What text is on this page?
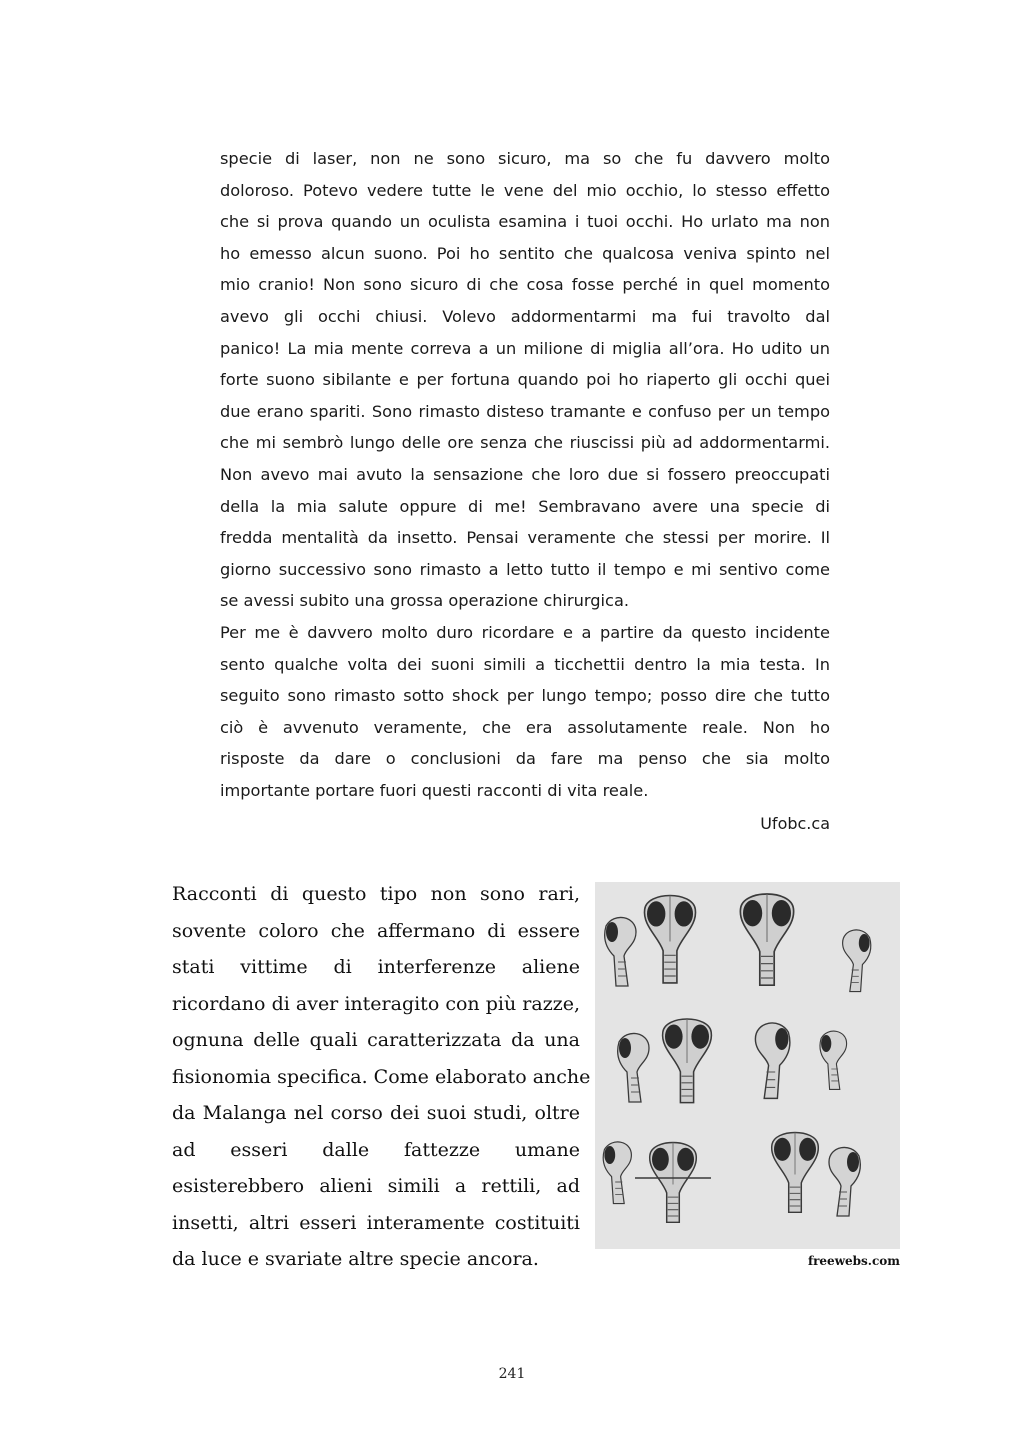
specie di laser, non ne sono sicuro, ma so che fu davvero molto
doloroso. Potevo vedere tutte le vene del mio occhio, lo stesso effetto
che si prova quando un oculista esamina i tuoi occhi. Ho urlato ma non
ho emesso alcun suono. Poi ho sentito che qualcosa veniva spinto nel
mio cranio! Non sono sicuro di che cosa fosse perché in quel momento
avevo gli occhi chiusi. Volevo addormentarmi ma fui travolto dal
panico! La mia mente correva a un milione di miglia all’ora. Ho udito un
forte suono sibilante e per fortuna quando poi ho riaperto gli occhi quei
due erano spariti. Sono rimasto disteso tramante e confuso per un tempo
che mi sembrò lungo delle ore senza che riuscissi più ad addormentarmi.
Non avevo mai avuto la sensazione che loro due si fossero preoccupati
della la mia salute oppure di me! Sembravano avere una specie di
fredda mentalità da insetto. Pensai veramente che stessi per morire. Il
giorno successivo sono rimasto a letto tutto il tempo e mi sentivo come
se avessi subito una grossa operazione chirurgica.
Per me è davvero molto duro ricordare e a partire da questo incidente
sento qualche volta dei suoni simili a ticchettii dentro la mia testa. In
seguito sono rimasto sotto shock per lungo tempo; posso dire che tutto
ciò è avvenuto veramente, che era assolutamente reale. Non ho
risposte da dare o conclusioni da fare ma penso che sia molto
importante portare fuori questi racconti di vita reale.
Ufobc.ca
Racconti di questo tipo non sono rari,
sovente coloro che affermano di essere
stati vittime di interferenze aliene
ricordano di aver interagito con più razze,
ognuna delle quali caratterizzata da una
fisionomia specifica. Come elaborato anche
da Malanga nel corso dei suoi studi, oltre
ad esseri dalle fattezze umane
esisterebbero alieni simili a rettili, ad
insetti, altri esseri interamente costituiti
da luce e svariate altre specie ancora.	freewebs.com
241
